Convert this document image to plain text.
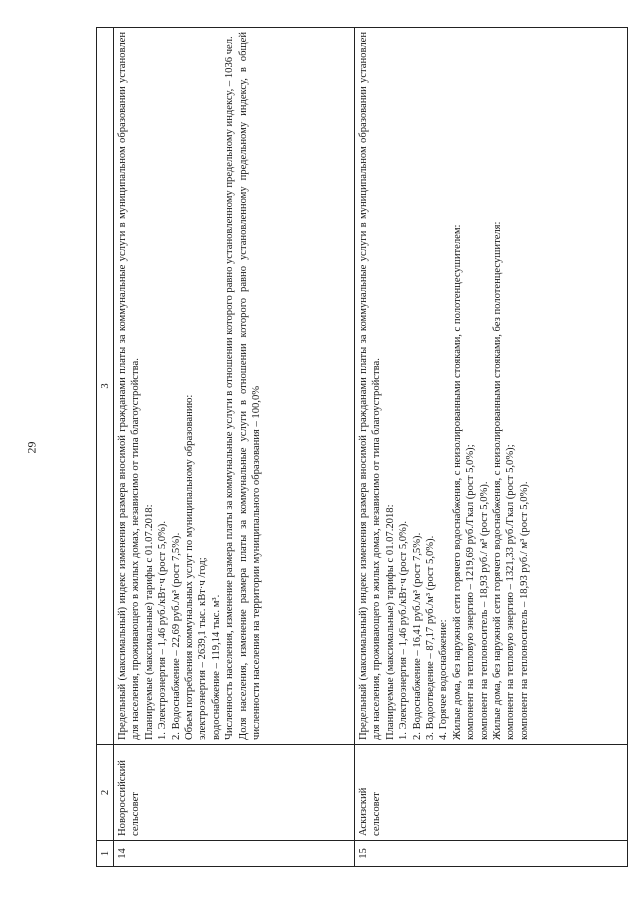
29
1
2
3
14
Новороссийский сельсовет
Предельный (максимальный) индекс изменения размера вносимой гражданами платы за коммунальные услуги в муниципальном образовании установлен для населения, проживающего в жилых домах, независимо от типа благоустройства. Планируемые (максимальные) тарифы с 01.07.2018: 1. Электроэнергия – 1,46 руб./кВт·ч (рост 5,0%). 2. Водоснабжение – 22,69 руб./м³ (рост 7,5%). Объем потребления коммунальных услуг по муниципальному образованию: электроэнергия – 2639,1 тыс. кВт·ч /год; водоснабжение – 119,14 тыс. м³. Численность населения, изменение размера платы за коммунальные услуги в отношении которого равно установленному предельному индексу, – 1036 чел. Доля населения, изменение размера платы за коммунальные услуги в отношении которого равно установленному предельному индексу, в общей численности населения на территории муниципального образования – 100,0%
15
Аскизский сельсовет
Предельный (максимальный) индекс изменения размера вносимой гражданами платы за коммунальные услуги в муниципальном образовании установлен для населения, проживающего в жилых домах, независимо от типа благоустройства. Планируемые (максимальные) тарифы с 01.07.2018: 1. Электроэнергия – 1,46 руб./кВт·ч (рост 5,0%). 2. Водоснабжение – 16,41 руб./м³ (рост 7,5%). 3. Водоотведение – 87,17 руб./м³ (рост 5,0%). 4. Горячее водоснабжение: Жилые дома, без наружной сети горячего водоснабжения, с неизолированными стояками, с полотенцесушителем: компонент на тепловую энергию – 1219,69 руб./Гкал (рост 5,0%); компонент на теплоноситель – 18,93 руб./ м³ (рост 5,0%). Жилые дома, без наружной сети горячего водоснабжения, с неизолированными стояками, без полотенцесушителя: компонент на тепловую энергию – 1321,33 руб./Гкал (рост 5,0%); компонент на теплоноситель – 18,93 руб./ м³ (рост 5,0%).
